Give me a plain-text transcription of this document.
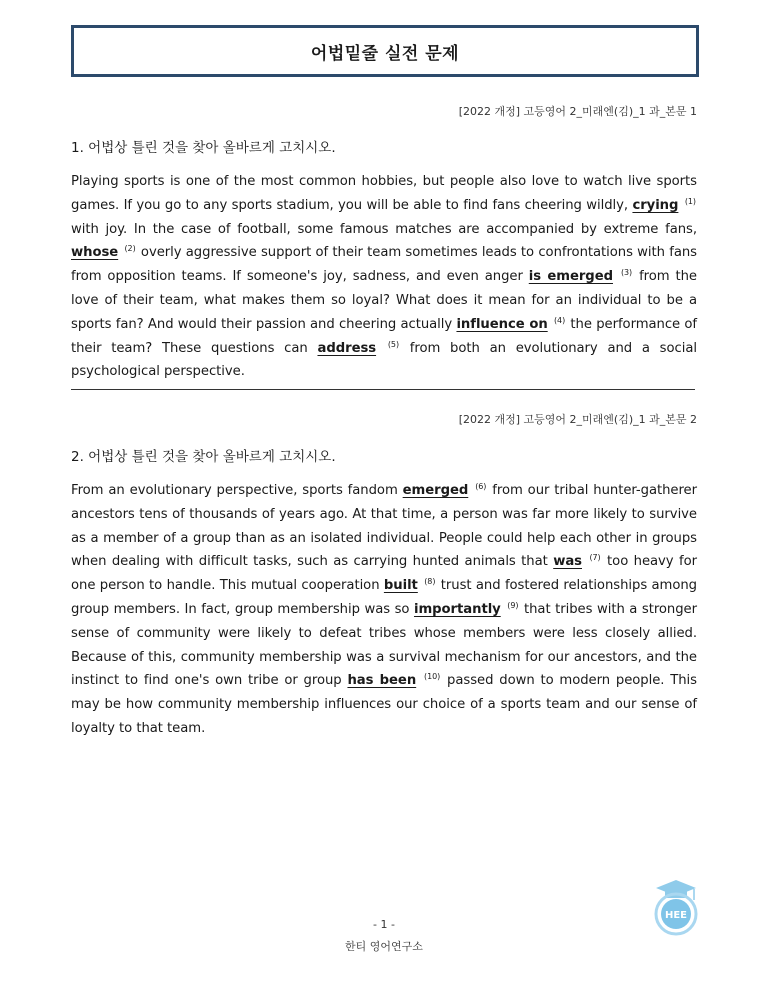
어법밑줄 실전 문제
[2022 개정] 고등영어 2_미래엔(김)_1 과_본문 1
1. 어법상 틀린 것을 찾아 올바르게 고치시오.
Playing sports is one of the most common hobbies, but people also love to watch live sports games. If you go to any sports stadium, you will be able to find fans cheering wildly, crying $^{(1)}$ with joy. In the case of football, some famous matches are accompanied by extreme fans, whose $^{(2)}$ overly aggressive support of their team sometimes leads to confrontations with fans from opposition teams. If someone's joy, sadness, and even anger is emerged $^{(3)}$ from the love of their team, what makes them so loyal? What does it mean for an individual to be a sports fan? And would their passion and cheering actually influence on $^{(4)}$ the performance of their team? These questions can address $^{(5)}$ from both an evolutionary and a social psychological perspective.
[2022 개정] 고등영어 2_미래엔(김)_1 과_본문 2
2. 어법상 틀린 것을 찾아 올바르게 고치시오.
From an evolutionary perspective, sports fandom emerged $^{(6)}$ from our tribal hunter-gatherer ancestors tens of thousands of years ago. At that time, a person was far more likely to survive as a member of a group than as an isolated individual. People could help each other in groups when dealing with difficult tasks, such as carrying hunted animals that was $^{(7)}$ too heavy for one person to handle. This mutual cooperation built $^{(8)}$ trust and fostered relationships among group members. In fact, group membership was so importantly $^{(9)}$ that tribes with a stronger sense of community were likely to defeat tribes whose members were less closely allied. Because of this, community membership was a survival mechanism for our ancestors, and the instinct to find one's own tribe or group has been $^{(10)}$ passed down to modern people. This may be how community membership influences our choice of a sports team and our sense of loyalty to that team.
HEE
- 1 -
한티 영어연구소
